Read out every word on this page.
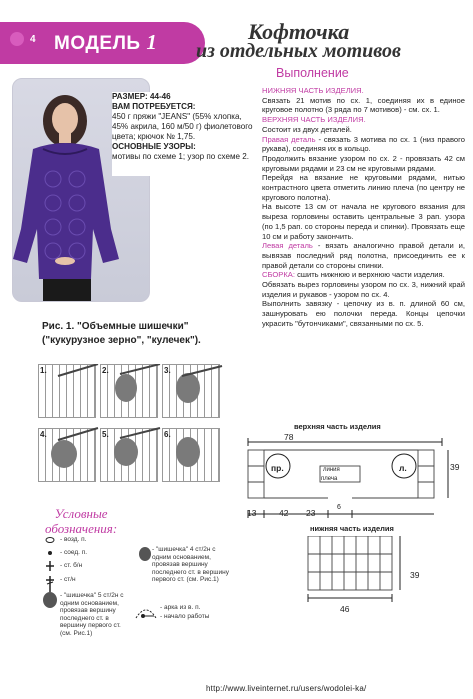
4 МОДЕЛЬ 1	Кофточка
из отдельных мотивов
Выполнение
РАЗМЕР: 44-46
ВАМ ПОТРЕБУЕТСЯ:
450 г пряжи "JEANS" (55% хлопка, 45% акрила, 160 м/50 г) фиолетового цвета; крючок № 1,75.
ОСНОВНЫЕ УЗОРЫ:
мотивы по схеме 1; узор по схеме 2.

НИЖНЯЯ ЧАСТЬ ИЗДЕЛИЯ.

Связать 21 мотив по сх. 1, соединяя их в единое круговое полотно (3 ряда по 7 мотивов) - см. сх. 1.

ВЕРХНЯЯ ЧАСТЬ ИЗДЕЛИЯ.

Состоит из двух деталей.

Правая деталь - связать 3 мотива по сх. 1 (низ правого рукава), соединяя их в кольцо.

Продолжить вязание узором по сх. 2 - провязать 42 см круговыми рядами и 23 см не круговыми рядами.

Перейдя на вязание не круговыми рядами, нитью контрастного цвета отметить линию плеча (по центру не кругового полотна).

На высоте 13 см от начала не кругового вязания для выреза горловины оставить центральные 3 рап. узора (по 1,5 рап. со стороны переда и спинки). Провязать еще 10 см и работу закончить.

Левая деталь - вязать аналогично правой детали и, вывязав последний ряд полотна, присоединить ее к правой детали со стороны спинки.

СБОРКА: сшить нижнюю и верхнюю части изделия.

Обвязать вырез горловины узором по сх. 3, нижний край изделия и рукавов - узором по сх. 4.

Выполнить завязку - цепочку из в. п. длиной 60 см, зашнуровать ею полочки переда. Концы цепочки украсить "бутончиками", связанными по сх. 5.

Рис. 1. "Объемные шишечки" ("кукурузное зерно", "кулечек").
1.	2.	3.
4.	5.	6.
Условные
обозначения:
- возд. п.
- соед. п.
- ст. б/н
- ст/н
- "шишечка" 5 ст/2н с одним основанием, провязав вершину последнего ст. в вершину первого ст. (см. Рис.1)
- "шишечка" 4 ст/2н с одним основанием, провязав вершину последнего ст. в вершину первого ст. (см. Рис.1)
- арка из в. п.
- начало работы
верхняя часть изделия
78
пр.	л.
линия
плеча
39
13	42 23
6
нижняя часть изделия
39
46
http://www.liveinternet.ru/users/wodolei-ka/
